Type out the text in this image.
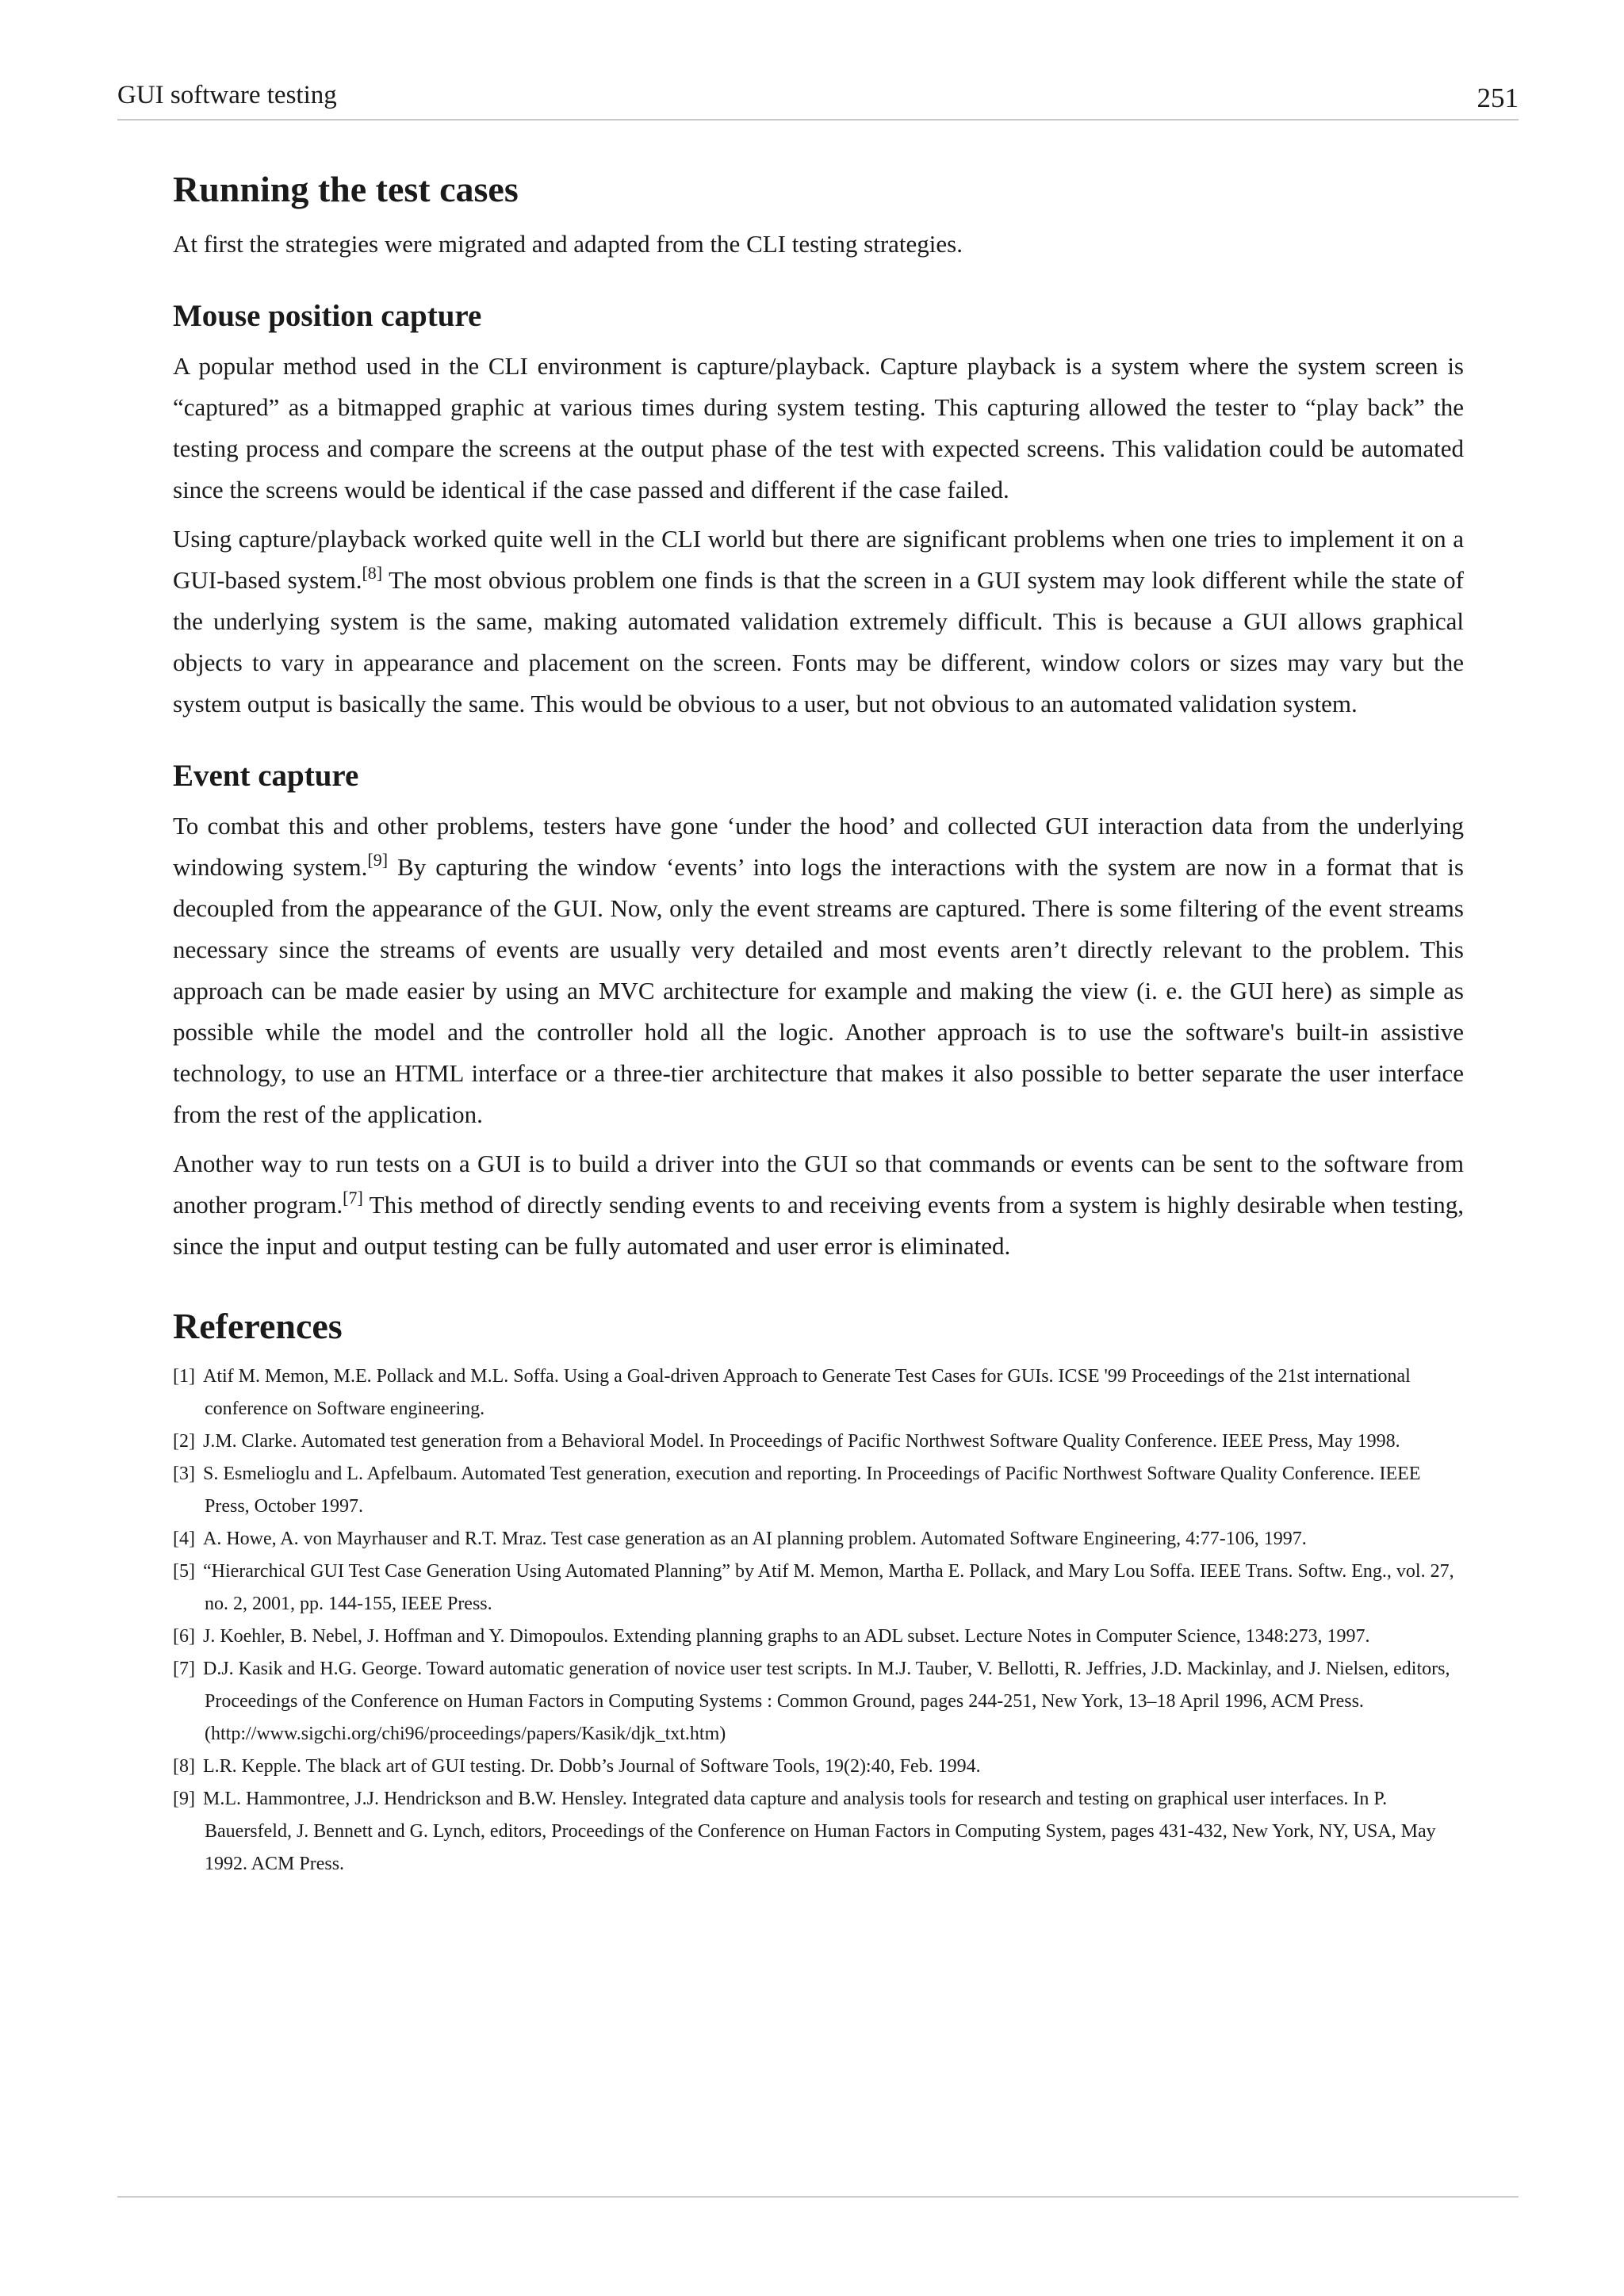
GUI software testing	251
Running the test cases

At first the strategies were migrated and adapted from the CLI testing strategies.

Mouse position capture

A popular method used in the CLI environment is capture/playback. Capture playback is a system where the system screen is “captured” as a bitmapped graphic at various times during system testing. This capturing allowed the tester to “play back” the testing process and compare the screens at the output phase of the test with expected screens. This validation could be automated since the screens would be identical if the case passed and different if the case failed.

Using capture/playback worked quite well in the CLI world but there are significant problems when one tries to implement it on a GUI-based system.[8] The most obvious problem one finds is that the screen in a GUI system may look different while the state of the underlying system is the same, making automated validation extremely difficult. This is because a GUI allows graphical objects to vary in appearance and placement on the screen. Fonts may be different, window colors or sizes may vary but the system output is basically the same. This would be obvious to a user, but not obvious to an automated validation system.

Event capture

To combat this and other problems, testers have gone ‘under the hood’ and collected GUI interaction data from the underlying windowing system.[9] By capturing the window ‘events’ into logs the interactions with the system are now in a format that is decoupled from the appearance of the GUI. Now, only the event streams are captured. There is some filtering of the event streams necessary since the streams of events are usually very detailed and most events aren’t directly relevant to the problem. This approach can be made easier by using an MVC architecture for example and making the view (i. e. the GUI here) as simple as possible while the model and the controller hold all the logic. Another approach is to use the software's built-in assistive technology, to use an HTML interface or a three-tier architecture that makes it also possible to better separate the user interface from the rest of the application.

Another way to run tests on a GUI is to build a driver into the GUI so that commands or events can be sent to the software from another program.[7] This method of directly sending events to and receiving events from a system is highly desirable when testing, since the input and output testing can be fully automated and user error is eliminated.

References
[1] Atif M. Memon, M.E. Pollack and M.L. Soffa. Using a Goal-driven Approach to Generate Test Cases for GUIs. ICSE '99 Proceedings of the 21st international conference on Software engineering.
[2] J.M. Clarke. Automated test generation from a Behavioral Model. In Proceedings of Pacific Northwest Software Quality Conference. IEEE Press, May 1998.
[3] S. Esmelioglu and L. Apfelbaum. Automated Test generation, execution and reporting. In Proceedings of Pacific Northwest Software Quality Conference. IEEE Press, October 1997.
[4] A. Howe, A. von Mayrhauser and R.T. Mraz. Test case generation as an AI planning problem. Automated Software Engineering, 4:77-106, 1997.
[5] “Hierarchical GUI Test Case Generation Using Automated Planning” by Atif M. Memon, Martha E. Pollack, and Mary Lou Soffa. IEEE Trans. Softw. Eng., vol. 27, no. 2, 2001, pp. 144-155, IEEE Press.
[6] J. Koehler, B. Nebel, J. Hoffman and Y. Dimopoulos. Extending planning graphs to an ADL subset. Lecture Notes in Computer Science, 1348:273, 1997.
[7] D.J. Kasik and H.G. George. Toward automatic generation of novice user test scripts. In M.J. Tauber, V. Bellotti, R. Jeffries, J.D. Mackinlay, and J. Nielsen, editors, Proceedings of the Conference on Human Factors in Computing Systems : Common Ground, pages 244-251, New York, 13–18 April 1996, ACM Press. (http://www.sigchi.org/chi96/proceedings/papers/Kasik/djk_txt.htm)
[8] L.R. Kepple. The black art of GUI testing. Dr. Dobb’s Journal of Software Tools, 19(2):40, Feb. 1994.
[9] M.L. Hammontree, J.J. Hendrickson and B.W. Hensley. Integrated data capture and analysis tools for research and testing on graphical user interfaces. In P. Bauersfeld, J. Bennett and G. Lynch, editors, Proceedings of the Conference on Human Factors in Computing System, pages 431-432, New York, NY, USA, May 1992. ACM Press.
